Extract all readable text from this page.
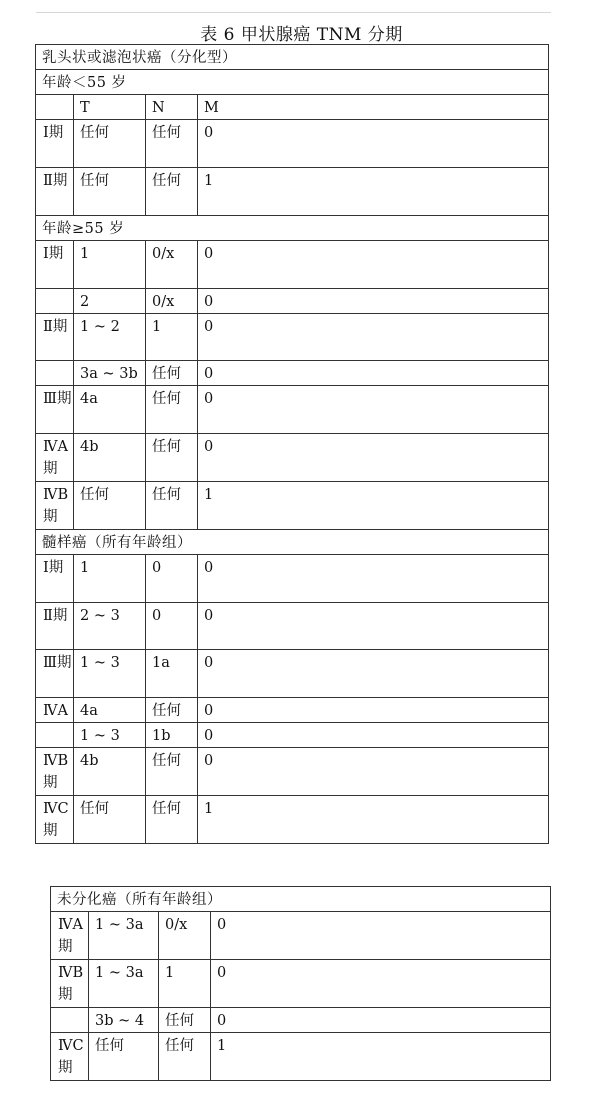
表 6 甲状腺癌 TNM 分期
乳头状或滤泡状癌（分化型）			
年龄＜55 岁			
	T	N	M
Ⅰ期	任何	任何	0
Ⅱ期	任何	任何	1
年龄≥55 岁			
Ⅰ期	1	0/x	0
	2	0/x	0
Ⅱ期	1 ~ 2	1	0
	3a ~ 3b	任何	0
Ⅲ期	4a	任何	0
ⅣA期	4b	任何	0
ⅣB期	任何	任何	1
髓样癌（所有年龄组）			
Ⅰ期	1	0	0
Ⅱ期	2 ~ 3	0	0
Ⅲ期	1 ~ 3	1a	0
ⅣA	4a	任何	0
	1 ~ 3	1b	0
ⅣB期	4b	任何	0
ⅣC期	任何	任何	1
未分化癌（所有年龄组）			
ⅣA期	1 ~ 3a	0/x	0
ⅣB期	1 ~ 3a	1	0
	3b ~ 4	任何	0
ⅣC期	任何	任何	1
